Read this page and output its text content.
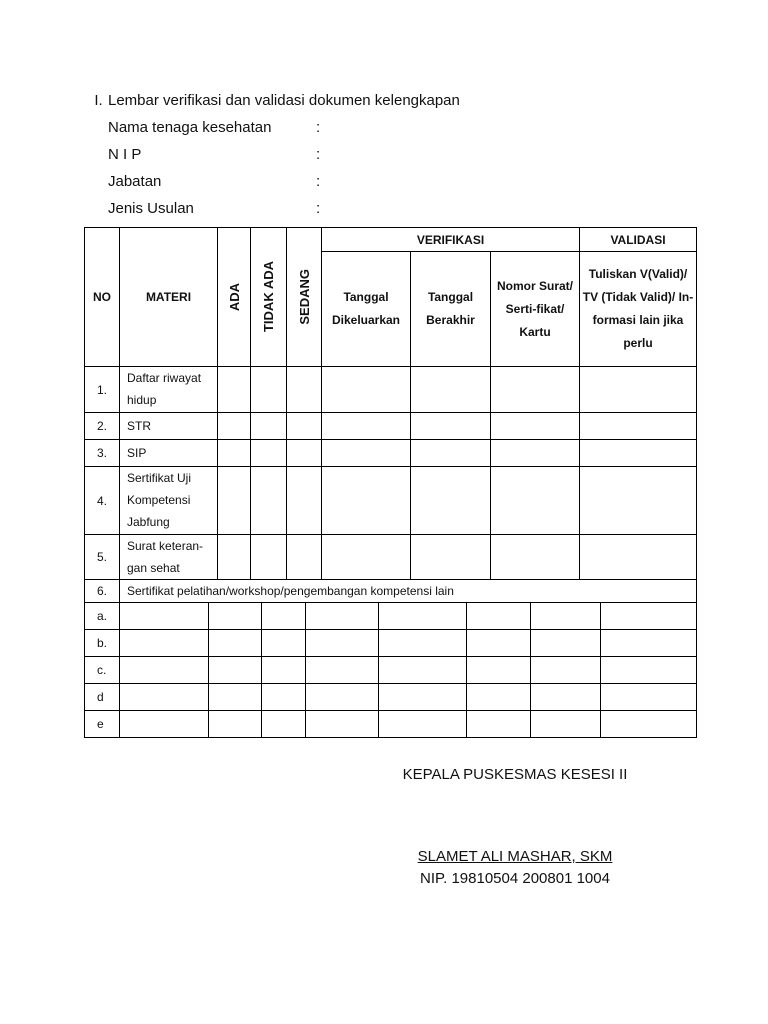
I. Lembar verifikasi dan validasi dokumen kelengkapan
Nama tenaga kesehatan	:
N I P	:
Jabatan	:
Jenis Usulan	:
NO	MATERI	ADA	TIDAK ADA	SEDANG	VERIFIKASI			VALIDASI
					Tanggal Dikeluarkan	Tanggal Berakhir	Nomor Surat/ Serti-fikat/ Kartu	Tuliskan V(Valid)/ TV (Tidak Valid)/ In-formasi lain jika perlu
1.	Daftar riwayat hidup							
2.	STR							
3.	SIP							
4.	Sertifikat Uji Kompetensi Jabfung							
5.	Surat keteran-gan sehat							
6.	Sertifikat pelatihan/workshop/pengembangan kompetensi lain							
a.								
b.								
c.								
d								
e								
KEPALA PUSKESMAS KESESI II
SLAMET ALI MASHAR, SKM
NIP. 19810504 200801 1004
